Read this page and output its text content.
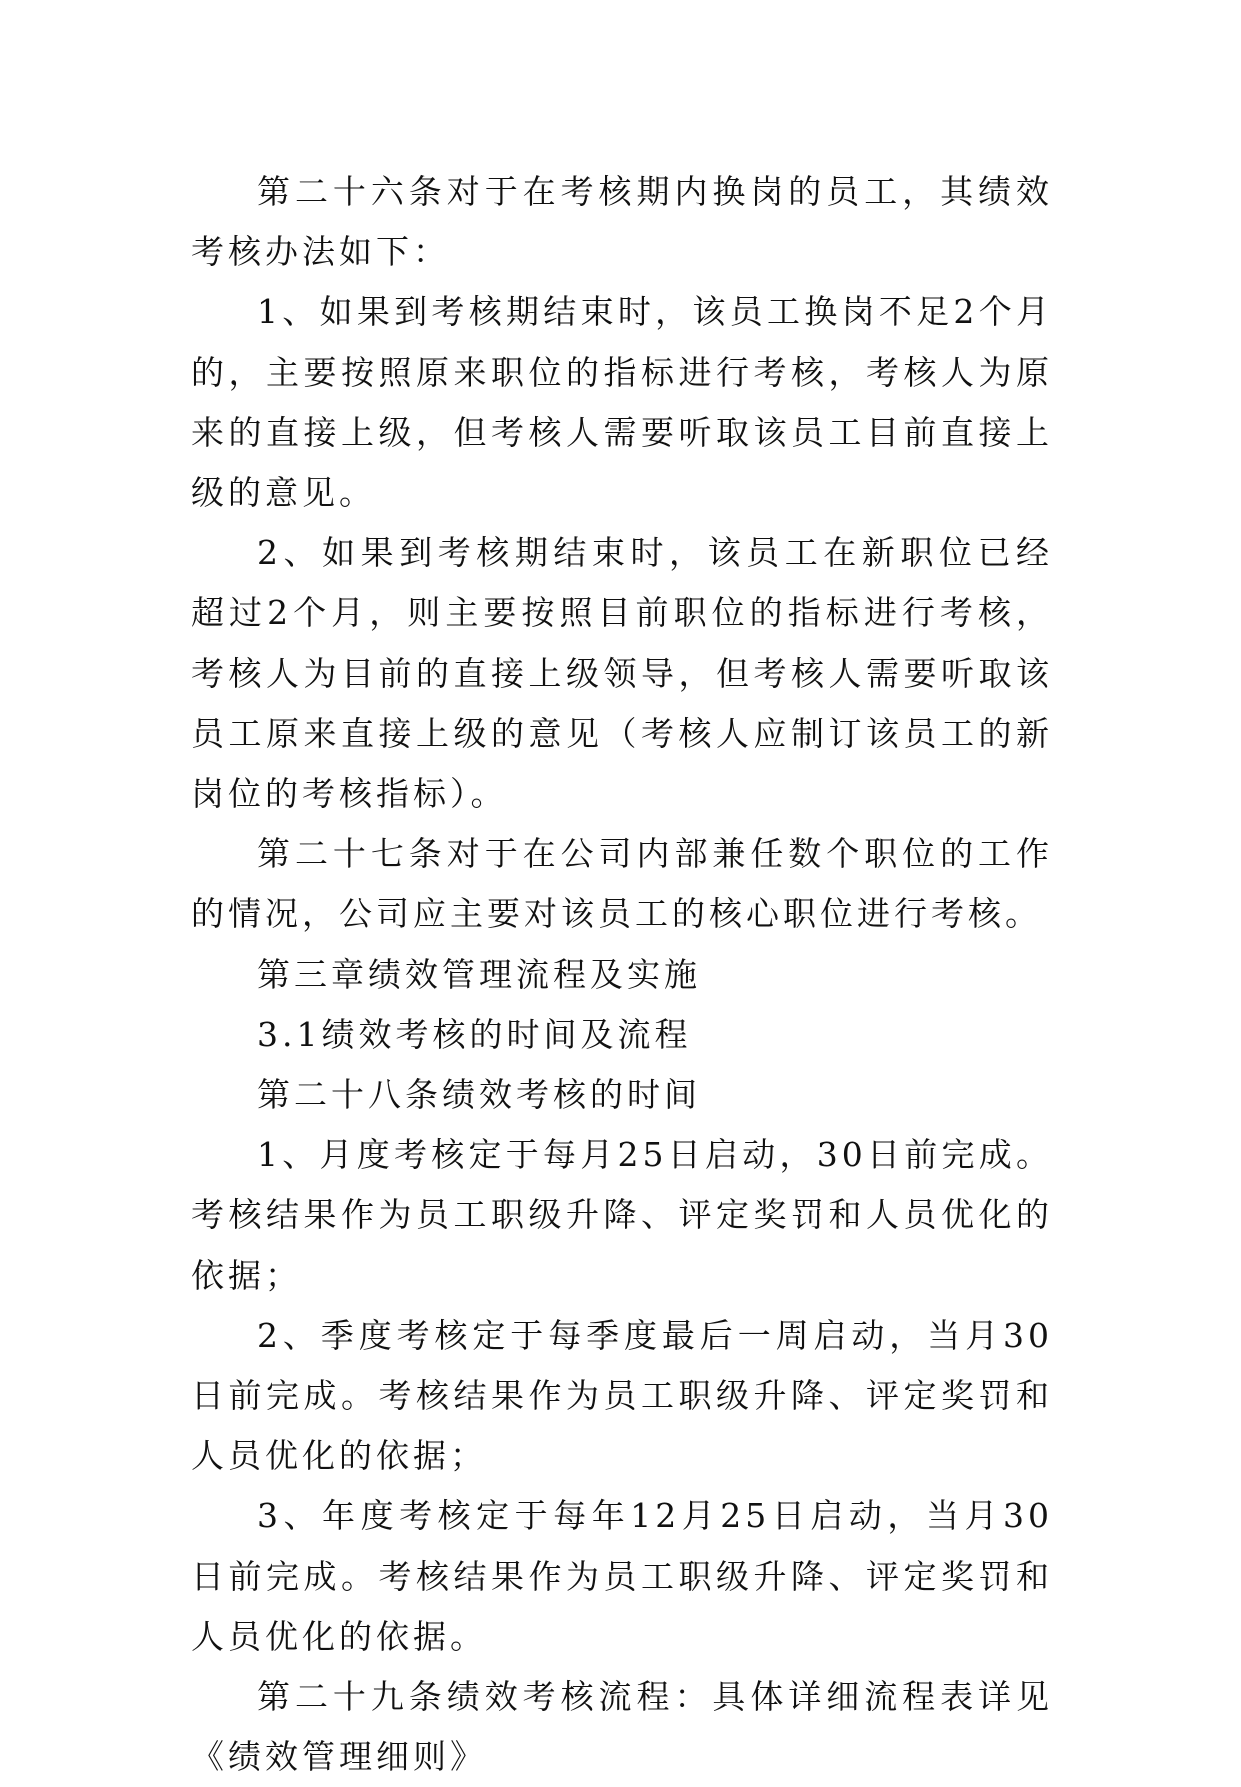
第二十六条对于在考核期内换岗的员工，其绩效考核办法如下：

1、如果到考核期结束时，该员工换岗不足2个月的，主要按照原来职位的指标进行考核，考核人为原来的直接上级，但考核人需要听取该员工目前直接上级的意见。

2、如果到考核期结束时，该员工在新职位已经超过2个月，则主要按照目前职位的指标进行考核，考核人为目前的直接上级领导，但考核人需要听取该员工原来直接上级的意见（考核人应制订该员工的新岗位的考核指标）。

第二十七条对于在公司内部兼任数个职位的工作的情况，公司应主要对该员工的核心职位进行考核。

第三章绩效管理流程及实施

3.1绩效考核的时间及流程

第二十八条绩效考核的时间

1、月度考核定于每月25日启动，30日前完成。考核结果作为员工职级升降、评定奖罚和人员优化的依据；

2、季度考核定于每季度最后一周启动，当月30日前完成。考核结果作为员工职级升降、评定奖罚和人员优化的依据；

3、年度考核定于每年12月25日启动，当月30日前完成。考核结果作为员工职级升降、评定奖罚和人员优化的依据。

第二十九条绩效考核流程：具体详细流程表详见《绩效管理细则》
